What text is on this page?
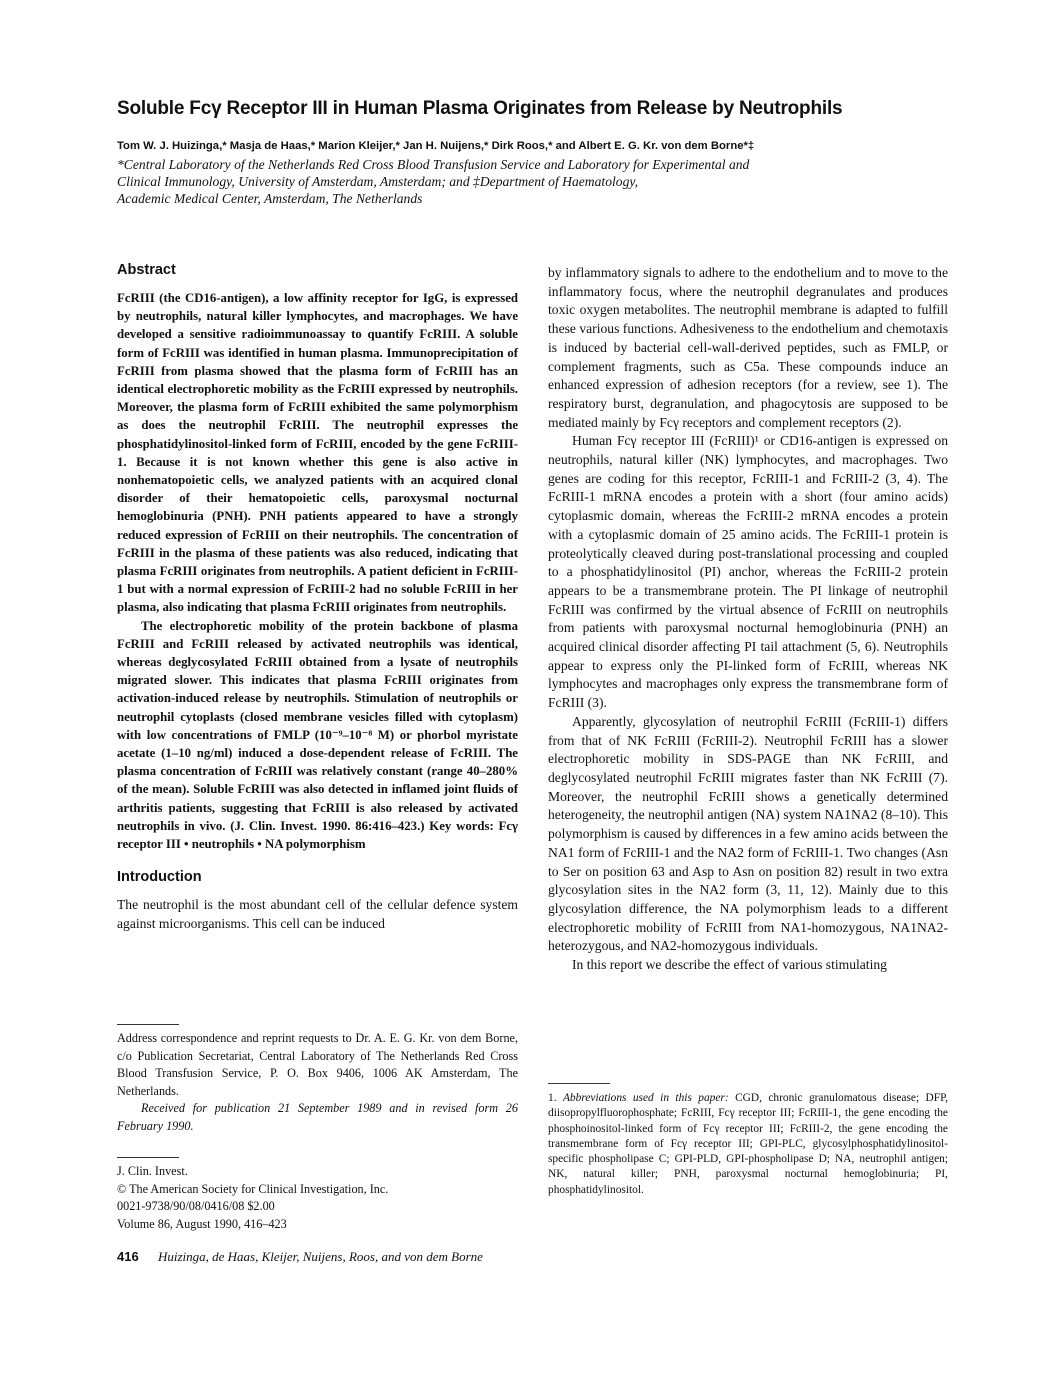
Soluble Fcγ Receptor III in Human Plasma Originates from Release by Neutrophils
Tom W. J. Huizinga,* Masja de Haas,* Marion Kleijer,* Jan H. Nuijens,* Dirk Roos,* and Albert E. G. Kr. von dem Borne*‡
*Central Laboratory of the Netherlands Red Cross Blood Transfusion Service and Laboratory for Experimental and
Clinical Immunology, University of Amsterdam, Amsterdam; and ‡Department of Haematology,
Academic Medical Center, Amsterdam, The Netherlands
Abstract

FcRIII (the CD16-antigen), a low affinity receptor for IgG, is expressed by neutrophils, natural killer lymphocytes, and macrophages. We have developed a sensitive radioimmunoassay to quantify FcRIII. A soluble form of FcRIII was identified in human plasma. Immunoprecipitation of FcRIII from plasma showed that the plasma form of FcRIII has an identical electrophoretic mobility as the FcRIII expressed by neutrophils. Moreover, the plasma form of FcRIII exhibited the same polymorphism as does the neutrophil FcRIII. The neutrophil expresses the phosphatidylinositol-linked form of FcRIII, encoded by the gene FcRIII-1. Because it is not known whether this gene is also active in nonhematopoietic cells, we analyzed patients with an acquired clonal disorder of their hematopoietic cells, paroxysmal nocturnal hemoglobinuria (PNH). PNH patients appeared to have a strongly reduced expression of FcRIII on their neutrophils. The concentration of FcRIII in the plasma of these patients was also reduced, indicating that plasma FcRIII originates from neutrophils. A patient deficient in FcRIII-1 but with a normal expression of FcRIII-2 had no soluble FcRIII in her plasma, also indicating that plasma FcRIII originates from neutrophils.

The electrophoretic mobility of the protein backbone of plasma FcRIII and FcRIII released by activated neutrophils was identical, whereas deglycosylated FcRIII obtained from a lysate of neutrophils migrated slower. This indicates that plasma FcRIII originates from activation-induced release by neutrophils. Stimulation of neutrophils or neutrophil cytoplasts (closed membrane vesicles filled with cytoplasm) with low concentrations of FMLP (10⁻⁹–10⁻⁸ M) or phorbol myristate acetate (1–10 ng/ml) induced a dose-dependent release of FcRIII. The plasma concentration of FcRIII was relatively constant (range 40–280% of the mean). Soluble FcRIII was also detected in inflamed joint fluids of arthritis patients, suggesting that FcRIII is also released by activated neutrophils in vivo. (J. Clin. Invest. 1990. 86:416–423.) Key words: Fcγ receptor III • neutrophils • NA polymorphism

Introduction

The neutrophil is the most abundant cell of the cellular defence system against microorganisms. This cell can be induced

Address correspondence and reprint requests to Dr. A. E. G. Kr. von dem Borne, c/o Publication Secretariat, Central Laboratory of The Netherlands Red Cross Blood Transfusion Service, P. O. Box 9406, 1006 AK Amsterdam, The Netherlands.

Received for publication 21 September 1989 and in revised form 26 February 1990.

J. Clin. Invest.
© The American Society for Clinical Investigation, Inc.
0021-9738/90/08/0416/08 $2.00
Volume 86, August 1990, 416–423

by inflammatory signals to adhere to the endothelium and to move to the inflammatory focus, where the neutrophil degranulates and produces toxic oxygen metabolites. The neutrophil membrane is adapted to fulfill these various functions. Adhesiveness to the endothelium and chemotaxis is induced by bacterial cell-wall-derived peptides, such as FMLP, or complement fragments, such as C5a. These compounds induce an enhanced expression of adhesion receptors (for a review, see 1). The respiratory burst, degranulation, and phagocytosis are supposed to be mediated mainly by Fcγ receptors and complement receptors (2).

Human Fcγ receptor III (FcRIII)¹ or CD16-antigen is expressed on neutrophils, natural killer (NK) lymphocytes, and macrophages. Two genes are coding for this receptor, FcRIII-1 and FcRIII-2 (3, 4). The FcRIII-1 mRNA encodes a protein with a short (four amino acids) cytoplasmic domain, whereas the FcRIII-2 mRNA encodes a protein with a cytoplasmic domain of 25 amino acids. The FcRIII-1 protein is proteolytically cleaved during post-translational processing and coupled to a phosphatidylinositol (PI) anchor, whereas the FcRIII-2 protein appears to be a transmembrane protein. The PI linkage of neutrophil FcRIII was confirmed by the virtual absence of FcRIII on neutrophils from patients with paroxysmal nocturnal hemoglobinuria (PNH) an acquired clinical disorder affecting PI tail attachment (5, 6). Neutrophils appear to express only the PI-linked form of FcRIII, whereas NK lymphocytes and macrophages only express the transmembrane form of FcRIII (3).

Apparently, glycosylation of neutrophil FcRIII (FcRIII-1) differs from that of NK FcRIII (FcRIII-2). Neutrophil FcRIII has a slower electrophoretic mobility in SDS-PAGE than NK FcRIII, and deglycosylated neutrophil FcRIII migrates faster than NK FcRIII (7). Moreover, the neutrophil FcRIII shows a genetically determined heterogeneity, the neutrophil antigen (NA) system NA1NA2 (8–10). This polymorphism is caused by differences in a few amino acids between the NA1 form of FcRIII-1 and the NA2 form of FcRIII-1. Two changes (Asn to Ser on position 63 and Asp to Asn on position 82) result in two extra glycosylation sites in the NA2 form (3, 11, 12). Mainly due to this glycosylation difference, the NA polymorphism leads to a different electrophoretic mobility of FcRIII from NA1-homozygous, NA1NA2-heterozygous, and NA2-homozygous individuals.

In this report we describe the effect of various stimulating

1. Abbreviations used in this paper: CGD, chronic granulomatous disease; DFP, diisopropylfluorophosphate; FcRIII, Fcγ receptor III; FcRIII-1, the gene encoding the phosphoinositol-linked form of Fcγ receptor III; FcRIII-2, the gene encoding the transmembrane form of Fcγ receptor III; GPI-PLC, glycosylphosphatidylinositol-specific phospholipase C; GPI-PLD, GPI-phospholipase D; NA, neutrophil antigen; NK, natural killer; PNH, paroxysmal nocturnal hemoglobinuria; PI, phosphatidylinositol.

416 Huizinga, de Haas, Kleijer, Nuijens, Roos, and von dem Borne
